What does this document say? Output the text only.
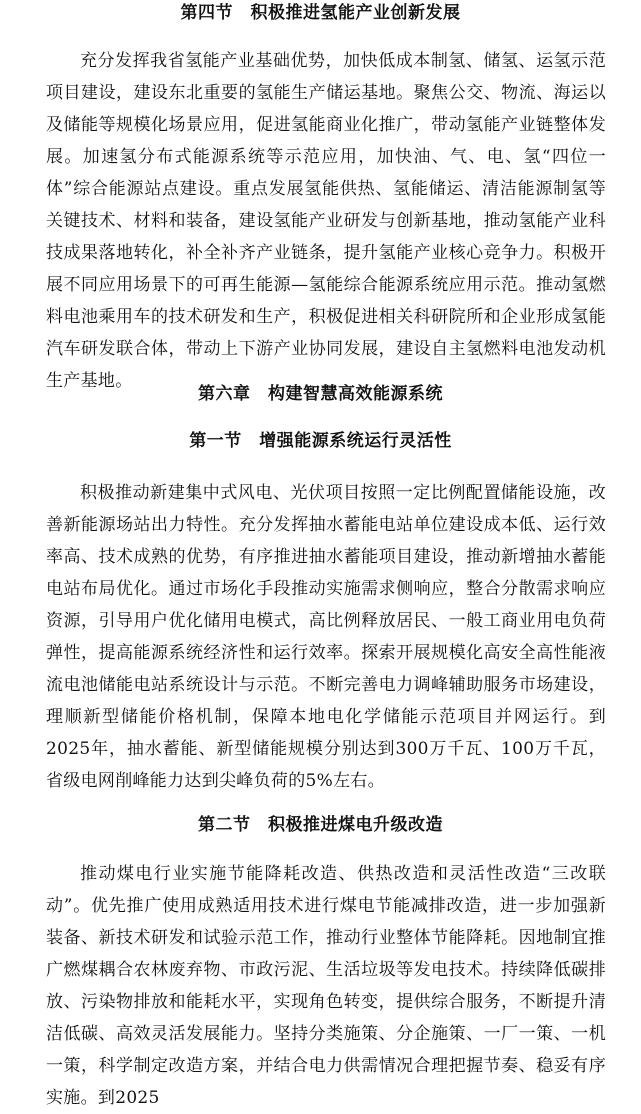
第四节　积极推进氢能产业创新发展

充分发挥我省氢能产业基础优势，加快低成本制氢、储氢、运氢示范项目建设，建设东北重要的氢能生产储运基地。聚焦公交、物流、海运以及储能等规模化场景应用，促进氢能商业化推广，带动氢能产业链整体发展。加速氢分布式能源系统等示范应用，加快油、气、电、氢“四位一体”综合能源站点建设。重点发展氢能供热、氢能储运、清洁能源制氢等关键技术、材料和装备，建设氢能产业研发与创新基地，推动氢能产业科技成果落地转化，补全补齐产业链条，提升氢能产业核心竞争力。积极开展不同应用场景下的可再生能源—氢能综合能源系统应用示范。推动氢燃料电池乘用车的技术研发和生产，积极促进相关科研院所和企业形成氢能汽车研发联合体，带动上下游产业协同发展，建设自主氢燃料电池发动机生产基地。

第六章　构建智慧高效能源系统
第一节　增强能源系统运行灵活性

积极推动新建集中式风电、光伏项目按照一定比例配置储能设施，改善新能源场站出力特性。充分发挥抽水蓄能电站单位建设成本低、运行效率高、技术成熟的优势，有序推进抽水蓄能项目建设，推动新增抽水蓄能电站布局优化。通过市场化手段推动实施需求侧响应，整合分散需求响应资源，引导用户优化储用电模式，高比例释放居民、一般工商业用电负荷弹性，提高能源系统经济性和运行效率。探索开展规模化高安全高性能液流电池储能电站系统设计与示范。不断完善电力调峰辅助服务市场建设，理顺新型储能价格机制，保障本地电化学储能示范项目并网运行。到2025年，抽水蓄能、新型储能规模分别达到300万千瓦、100万千瓦，省级电网削峰能力达到尖峰负荷的5%左右。

第二节　积极推进煤电升级改造

推动煤电行业实施节能降耗改造、供热改造和灵活性改造“三改联动”。优先推广使用成熟适用技术进行煤电节能减排改造，进一步加强新装备、新技术研发和试验示范工作，推动行业整体节能降耗。因地制宜推广燃煤耦合农林废弃物、市政污泥、生活垃圾等发电技术。持续降低碳排放、污染物排放和能耗水平，实现角色转变，提供综合服务，不断提升清洁低碳、高效灵活发展能力。坚持分类施策、分企施策、一厂一策、一机一策，科学制定改造方案，并结合电力供需情况合理把握节奏、稳妥有序实施。到2025
